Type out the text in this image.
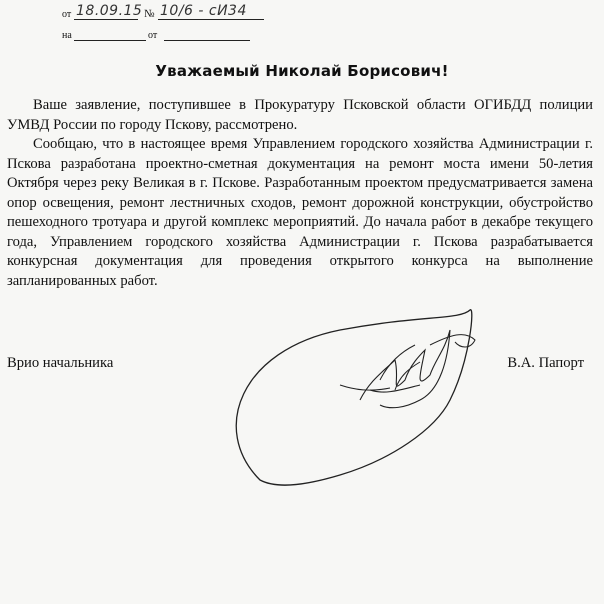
от 18.09.15 № 10/6 - сИ34
на	от
Уважаемый Николай Борисович!

Ваше заявление, поступившее в Прокуратуру Псковской области ОГИБДД полиции УМВД России по городу Пскову, рассмотрено.

Сообщаю, что в настоящее время Управлением городского хозяйства Администрации г. Пскова разработана проектно-сметная документация на ремонт моста имени 50-летия Октября через реку Великая в г. Пскове. Разработанным проектом предусматривается замена опор освещения, ремонт лестничных сходов, ремонт дорожной конструкции, обустройство пешеходного тротуара и другой комплекс мероприятий. До начала работ в декабре текущего года, Управлением городского хозяйства Администрации г. Пскова разрабатывается конкурсная документация для проведения открытого конкурса на выполнение запланированных работ.

Врио начальника	В.А. Папорт
